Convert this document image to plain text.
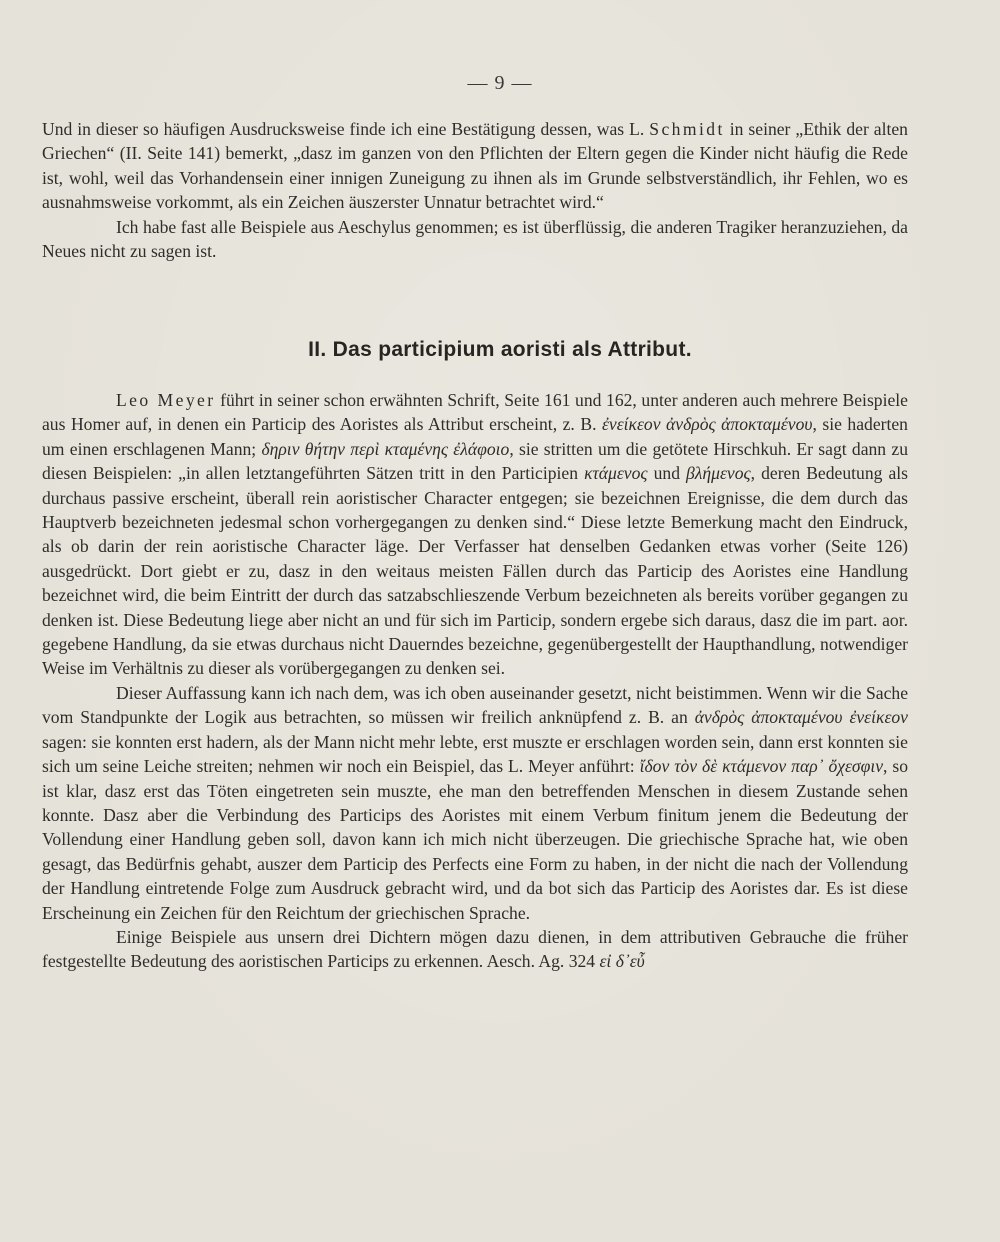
— 9 —

Und in dieser so häufigen Ausdrucksweise finde ich eine Bestätigung dessen, was L. Schmidt in seiner „Ethik der alten Griechen“ (II. Seite 141) bemerkt, „dasz im ganzen von den Pflichten der Eltern gegen die Kinder nicht häufig die Rede ist, wohl, weil das Vorhandensein einer innigen Zuneigung zu ihnen als im Grunde selbstverständlich, ihr Fehlen, wo es ausnahmsweise vorkommt, als ein Zeichen äuszerster Unnatur betrachtet wird.“

Ich habe fast alle Beispiele aus Aeschylus genommen; es ist überflüssig, die anderen Tragiker heranzuziehen, da Neues nicht zu sagen ist.

II. Das participium aoristi als Attribut.

Leo Meyer führt in seiner schon erwähnten Schrift, Seite 161 und 162, unter anderen auch mehrere Beispiele aus Homer auf, in denen ein Particip des Aoristes als Attribut erscheint, z. B. ἐνείκεον ἀνδρὸς ἀποκταμένου, sie haderten um einen erschlagenen Mann; δηριν θήτην περὶ κταμένης ἐλάφοιο, sie stritten um die getötete Hirschkuh. Er sagt dann zu diesen Beispielen: „in allen letztangeführten Sätzen tritt in den Participien κτάμενος und βλήμενος, deren Bedeutung als durchaus passive erscheint, überall rein aoristischer Character entgegen; sie bezeichnen Ereignisse, die dem durch das Hauptverb bezeichneten jedesmal schon vorhergegangen zu denken sind.“ Diese letzte Bemerkung macht den Eindruck, als ob darin der rein aoristische Character läge. Der Verfasser hat denselben Gedanken etwas vorher (Seite 126) ausgedrückt. Dort giebt er zu, dasz in den weitaus meisten Fällen durch das Particip des Aoristes eine Handlung bezeichnet wird, die beim Eintritt der durch das satzabschlieszende Verbum bezeichneten als bereits vorüber gegangen zu denken ist. Diese Bedeutung liege aber nicht an und für sich im Particip, sondern ergebe sich daraus, dasz die im part. aor. gegebene Handlung, da sie etwas durchaus nicht Dauerndes bezeichne, gegenübergestellt der Haupthandlung, notwendiger Weise im Verhältnis zu dieser als vorübergegangen zu denken sei.

Dieser Auffassung kann ich nach dem, was ich oben auseinander gesetzt, nicht beistimmen. Wenn wir die Sache vom Standpunkte der Logik aus betrachten, so müssen wir freilich anknüpfend z. B. an ἀνδρὸς ἀποκταμένου ἐνείκεον sagen: sie konnten erst hadern, als der Mann nicht mehr lebte, erst muszte er erschlagen worden sein, dann erst konnten sie sich um seine Leiche streiten; nehmen wir noch ein Beispiel, das L. Meyer anführt: ἴδον τὸν δὲ κτάμενον παρ᾽ ὄχεσφιν, so ist klar, dasz erst das Töten eingetreten sein muszte, ehe man den betreffenden Menschen in diesem Zustande sehen konnte. Dasz aber die Verbindung des Particips des Aoristes mit einem Verbum finitum jenem die Bedeutung der Vollendung einer Handlung geben soll, davon kann ich mich nicht überzeugen. Die griechische Sprache hat, wie oben gesagt, das Bedürfnis gehabt, auszer dem Particip des Perfects eine Form zu haben, in der nicht die nach der Vollendung der Handlung eintretende Folge zum Ausdruck gebracht wird, und da bot sich das Particip des Aoristes dar. Es ist diese Erscheinung ein Zeichen für den Reichtum der griechischen Sprache.

Einige Beispiele aus unsern drei Dichtern mögen dazu dienen, in dem attributiven Gebrauche die früher festgestellte Bedeutung des aoristischen Particips zu erkennen. Aesch. Ag. 324 εἰ δ᾽εὖ
